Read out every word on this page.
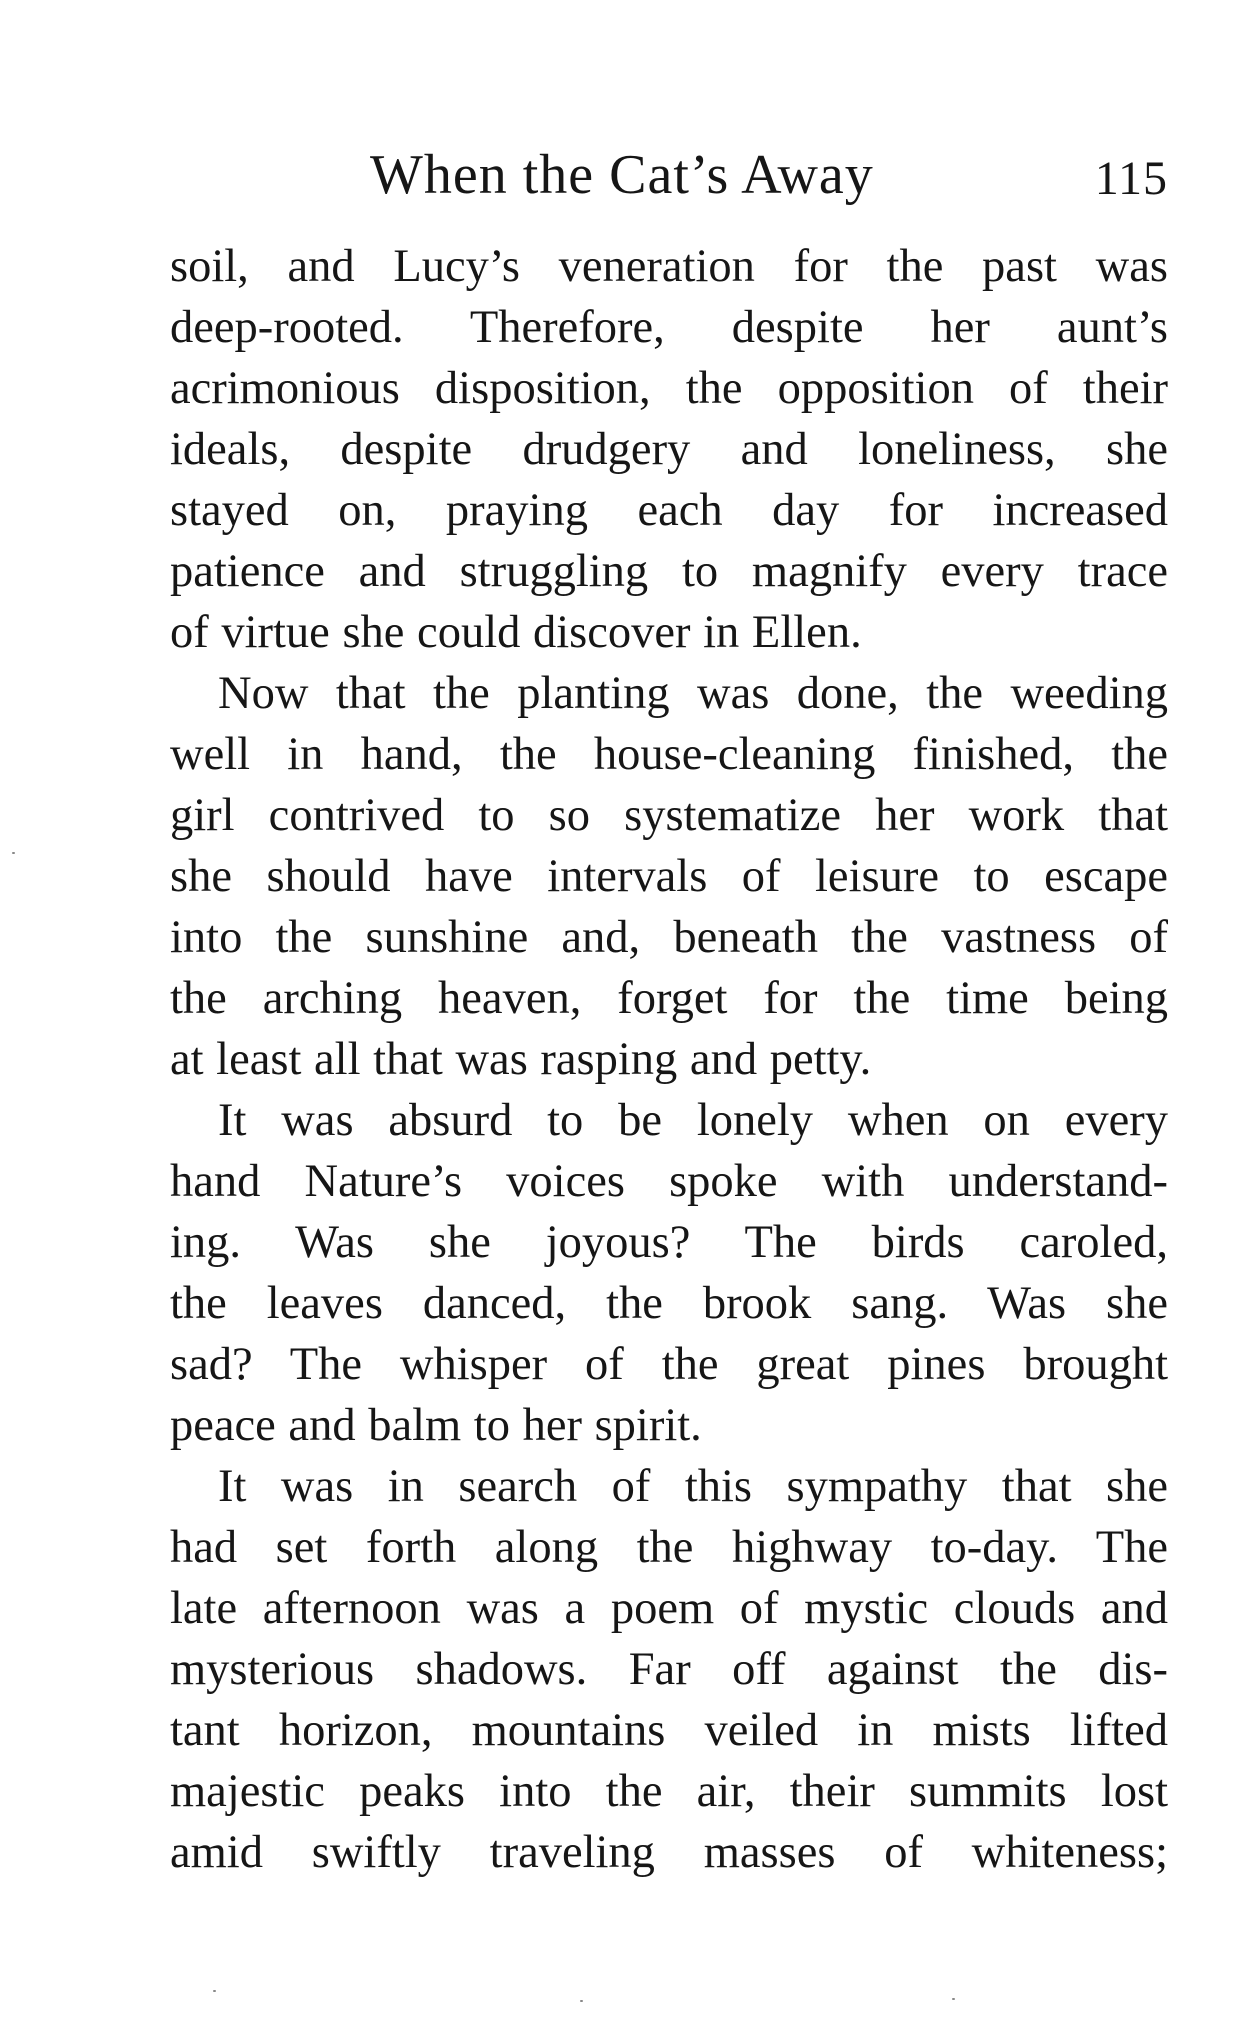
When the Cat’s Away	115
soil, and Lucy’s veneration for the past was
deep-rooted. Therefore, despite her aunt’s
acrimonious disposition, the opposition of their
ideals, despite drudgery and loneliness, she
stayed on, praying each day for increased
patience and struggling to magnify every trace
of virtue she could discover in Ellen.
Now that the planting was done, the weeding
well in hand, the house-cleaning finished, the
girl contrived to so systematize her work that
she should have intervals of leisure to escape
into the sunshine and, beneath the vastness of
the arching heaven, forget for the time being
at least all that was rasping and petty.
It was absurd to be lonely when on every
hand Nature’s voices spoke with understand-
ing. Was she joyous? The birds caroled,
the leaves danced, the brook sang. Was she
sad? The whisper of the great pines brought
peace and balm to her spirit.
It was in search of this sympathy that she
had set forth along the highway to-day. The
late afternoon was a poem of mystic clouds and
mysterious shadows. Far off against the dis-
tant horizon, mountains veiled in mists lifted
majestic peaks into the air, their summits lost
amid swiftly traveling masses of whiteness;
